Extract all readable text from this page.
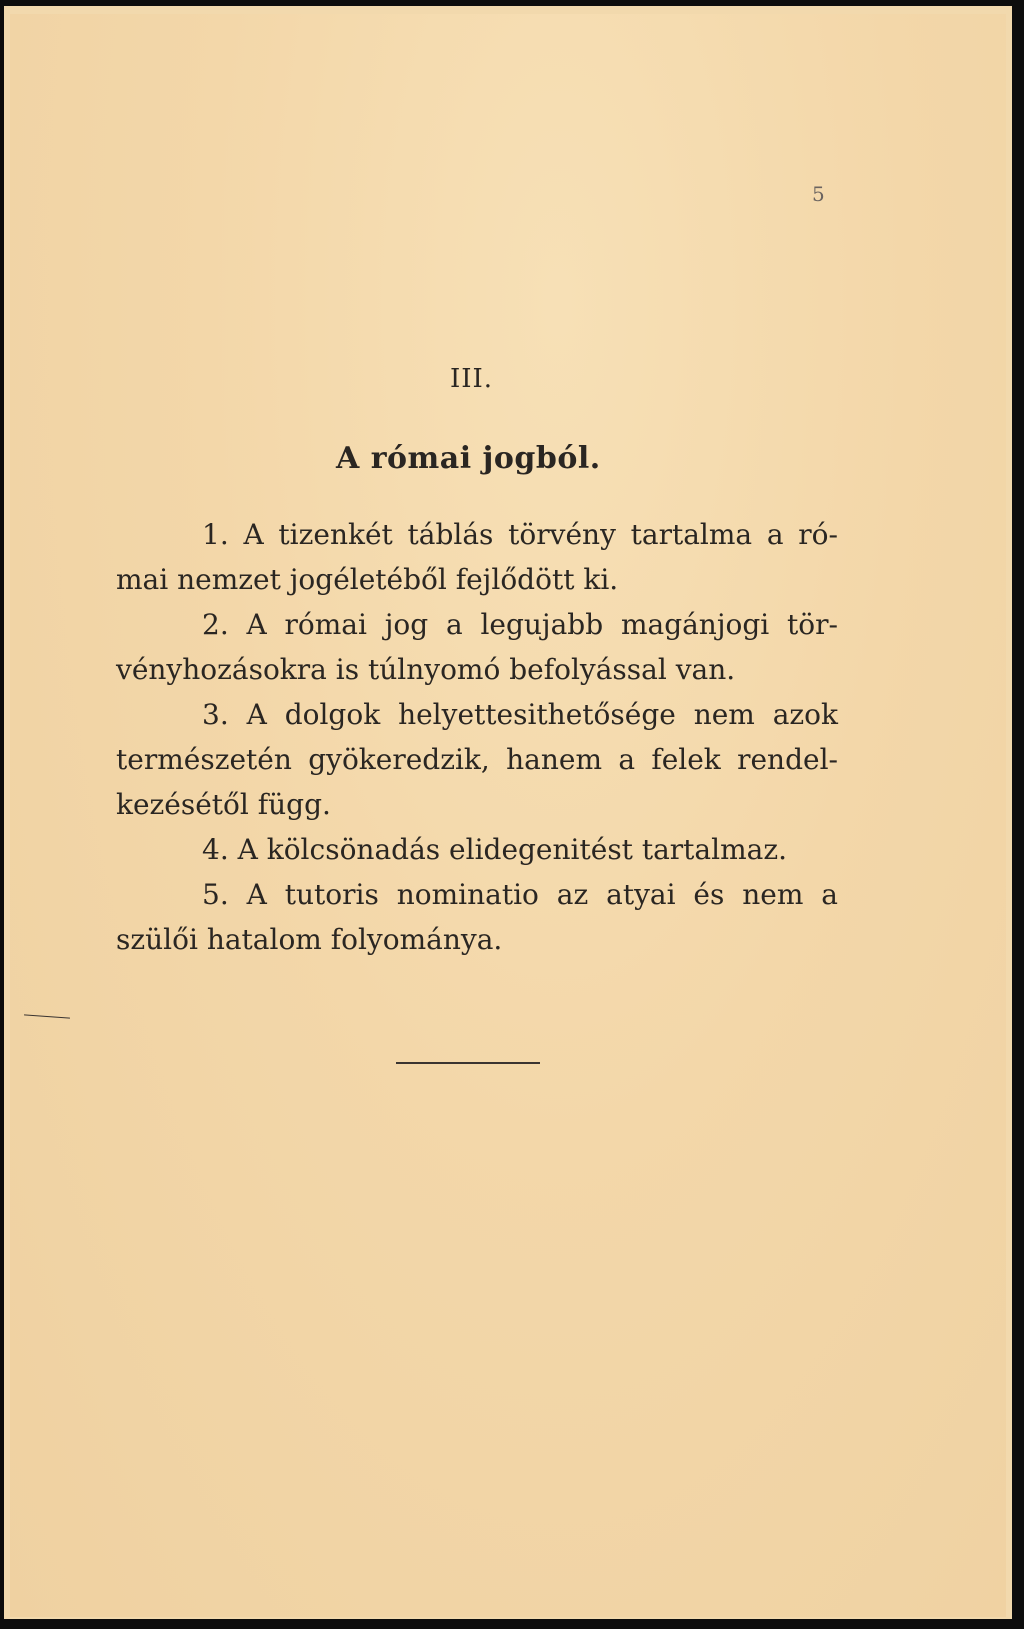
5
III.
A római jogból.
1. A tizenkét táblás törvény tartalma a ró-
mai nemzet jogéletéből fejlődött ki.
2. A római jog a legujabb magánjogi tör-
vényhozásokra is túlnyomó befolyással van.
3. A dolgok helyettesithetősége nem azok
természetén gyökeredzik, hanem a felek rendel-
kezésétől függ.
4. A kölcsönadás elidegenitést tartalmaz.
5. A tutoris nominatio az atyai és nem a
szülői hatalom folyománya.
